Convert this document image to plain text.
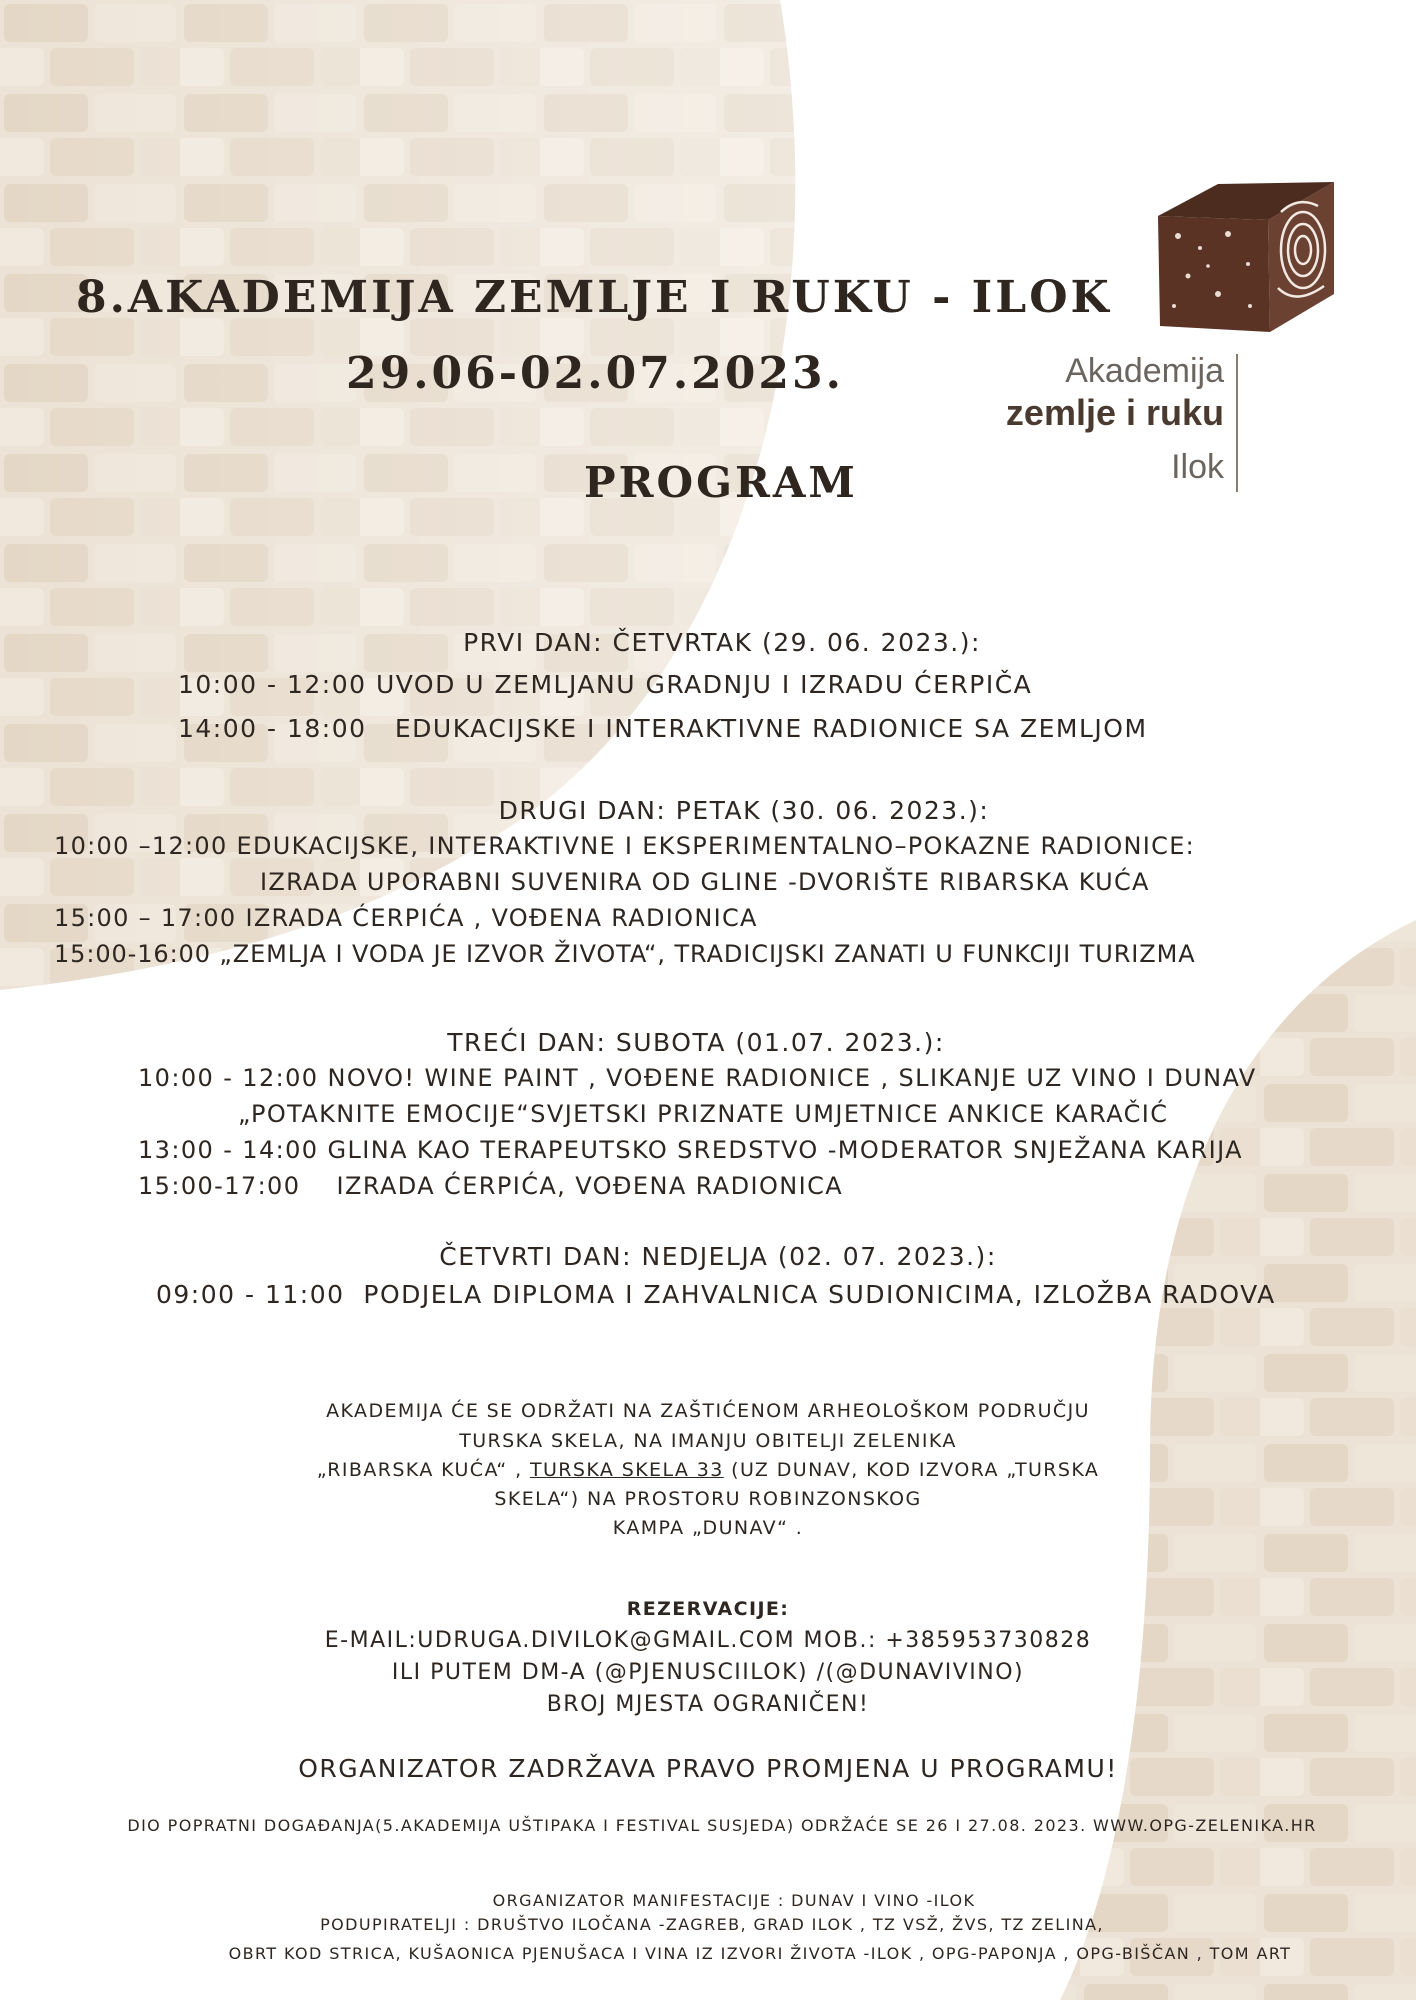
8.AKADEMIJA ZEMLJE I RUKU - ILOK
29.06-02.07.2023.
PROGRAM
Akademija
zemlje i ruku
Ilok
PRVI DAN: ČETVRTAK (29. 06. 2023.):
10:00 - 12:00 UVOD U ZEMLJANU GRADNJU I IZRADU ĆERPIČA
14:00 - 18:00 EDUKACIJSKE I INTERAKTIVNE RADIONICE SA ZEMLJOM
DRUGI DAN: PETAK (30. 06. 2023.):
10:00 –12:00 EDUKACIJSKE, INTERAKTIVNE I EKSPERIMENTALNO–POKAZNE RADIONICE:
IZRADA UPORABNI SUVENIRA OD GLINE -DVORIŠTE RIBARSKA KUĆA
15:00 – 17:00 IZRADA ĆERPIĆA , VOĐENA RADIONICA
15:00-16:00 „ZEMLJA I VODA JE IZVOR ŽIVOTA“, TRADICIJSKI ZANATI U FUNKCIJI TURIZMA
TREĆI DAN: SUBOTA (01.07. 2023.):
10:00 - 12:00 NOVO! WINE PAINT , VOĐENE RADIONICE , SLIKANJE UZ VINO I DUNAV
„POTAKNITE EMOCIJE“SVJETSKI PRIZNATE UMJETNICE ANKICE KARAČIĆ
13:00 - 14:00 GLINA KAO TERAPEUTSKO SREDSTVO -MODERATOR SNJEŽANA KARIJA
15:00-17:00 IZRADA ĆERPIĆA, VOĐENA RADIONICA
ČETVRTI DAN: NEDJELJA (02. 07. 2023.):
09:00 - 11:00 PODJELA DIPLOMA I ZAHVALNICA SUDIONICIMA, IZLOŽBA RADOVA
AKADEMIJA ĆE SE ODRŽATI NA ZAŠTIĆENOM ARHEOLOŠKOM PODRUČJU
TURSKA SKELA, NA IMANJU OBITELJI ZELENIKA
„RIBARSKA KUĆA“ , TURSKA SKELA 33 (UZ DUNAV, KOD IZVORA „TURSKA
SKELA“) NA PROSTORU ROBINZONSKOG
KAMPA „DUNAV“ .
REZERVACIJE:
E-MAIL:UDRUGA.DIVILOK@GMAIL.COM MOB.: +385953730828
ILI PUTEM DM-A (@PJENUSCIILOK) /(@DUNAVIVINO)
BROJ MJESTA OGRANIČEN!
ORGANIZATOR ZADRŽAVA PRAVO PROMJENA U PROGRAMU!
DIO POPRATNI DOGAĐANJA(5.AKADEMIJA UŠTIPAKA I FESTIVAL SUSJEDA) ODRŽAĆE SE 26 I 27.08. 2023. WWW.OPG-ZELENIKA.HR
ORGANIZATOR MANIFESTACIJE : DUNAV I VINO -ILOK
PODUPIRATELJI : DRUŠTVO ILOČANA -ZAGREB, GRAD ILOK , TZ VSŽ, ŽVS, TZ ZELINA,
OBRT KOD STRICA, KUŠAONICA PJENUŠACA I VINA IZ IZVORI ŽIVOTA -ILOK , OPG-PAPONJA , OPG-BIŠČAN , TOM ART
